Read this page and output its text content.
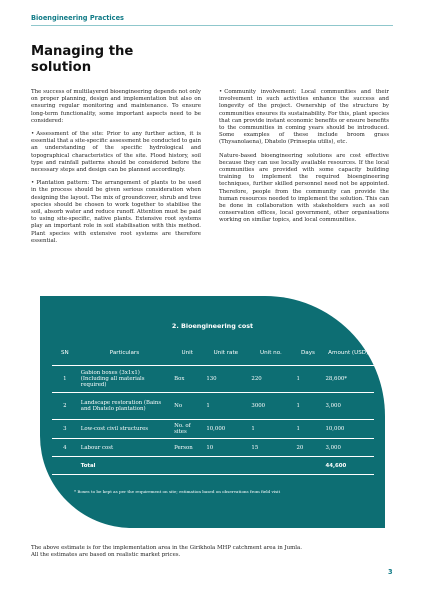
Bioengineering Practices
Managing the solution

The success of multilayered bioengineering depends not only on proper planning, design and implementation but also on ensuring regular monitoring and maintenance. To ensure long-term functionality, some important aspects need to be considered:

• Assessment of the site: Prior to any further action, it is essential that a site-specific assessment be conducted to gain an understanding of the specific hydrological and topographical characteristics of the site. Flood history, soil type and rainfall patterns should be considered before the necessary steps and design can be planned accordingly.

• Plantation pattern: The arrangement of plants to be used in the process should be given serious consideration when designing the layout. The mix of groundcover, shrub and tree species should be chosen to work together to stabilise the soil, absorb water and reduce runoff. Attention must be paid to using site-specific, native plants. Extensive root systems play an important role in soil stabilisation with this method. Plant species with extensive root systems are therefore essential.

• Community involvement: Local communities and their involvement in such activities enhance the success and longevity of the project. Ownership of the structure by communities ensures its sustainability. For this, plant species that can provide instant economic benefits or ensure benefits to the communities in coming years should be introduced. Some examples of these include broom grass (Thysanolaena), Dhatelo (Prinsepia utilis), etc.

Nature-based bioengineering solutions are cost effective because they can use locally available resources. If the local communities are provided with some capacity building training to implement the required bioengineering techniques, further skilled personnel need not be appointed. Therefore, people from the community can provide the human resources needed to implement the solution. This can be done in collaboration with stakeholders such as soil conservation offices, local government, other organisations working on similar topics, and local communities.

2. Bioengineering cost
SN	Particulars	Unit	Unit rate	Unit no.	Days	Amount (USD)
1	Gabion boxes (3x1x1) (Including all materials required)	Box	130	220	1	28,600*
2	Landscape restoration (Bains and Dhatelo plantation)	No	1	3000	1	3,000
3	Low-cost civil structures	No. of sites	10,000	1	1	10,000
4	Labour cost	Person	10	15	20	3,000
	Total					44,600
* Boxes to be kept as per the requirement on site; estimation based on observations from field visit
The above estimate is for the implementation area in the Girikhola MHP catchment area in Jumla.
All the estimates are based on realistic market prices.
3
